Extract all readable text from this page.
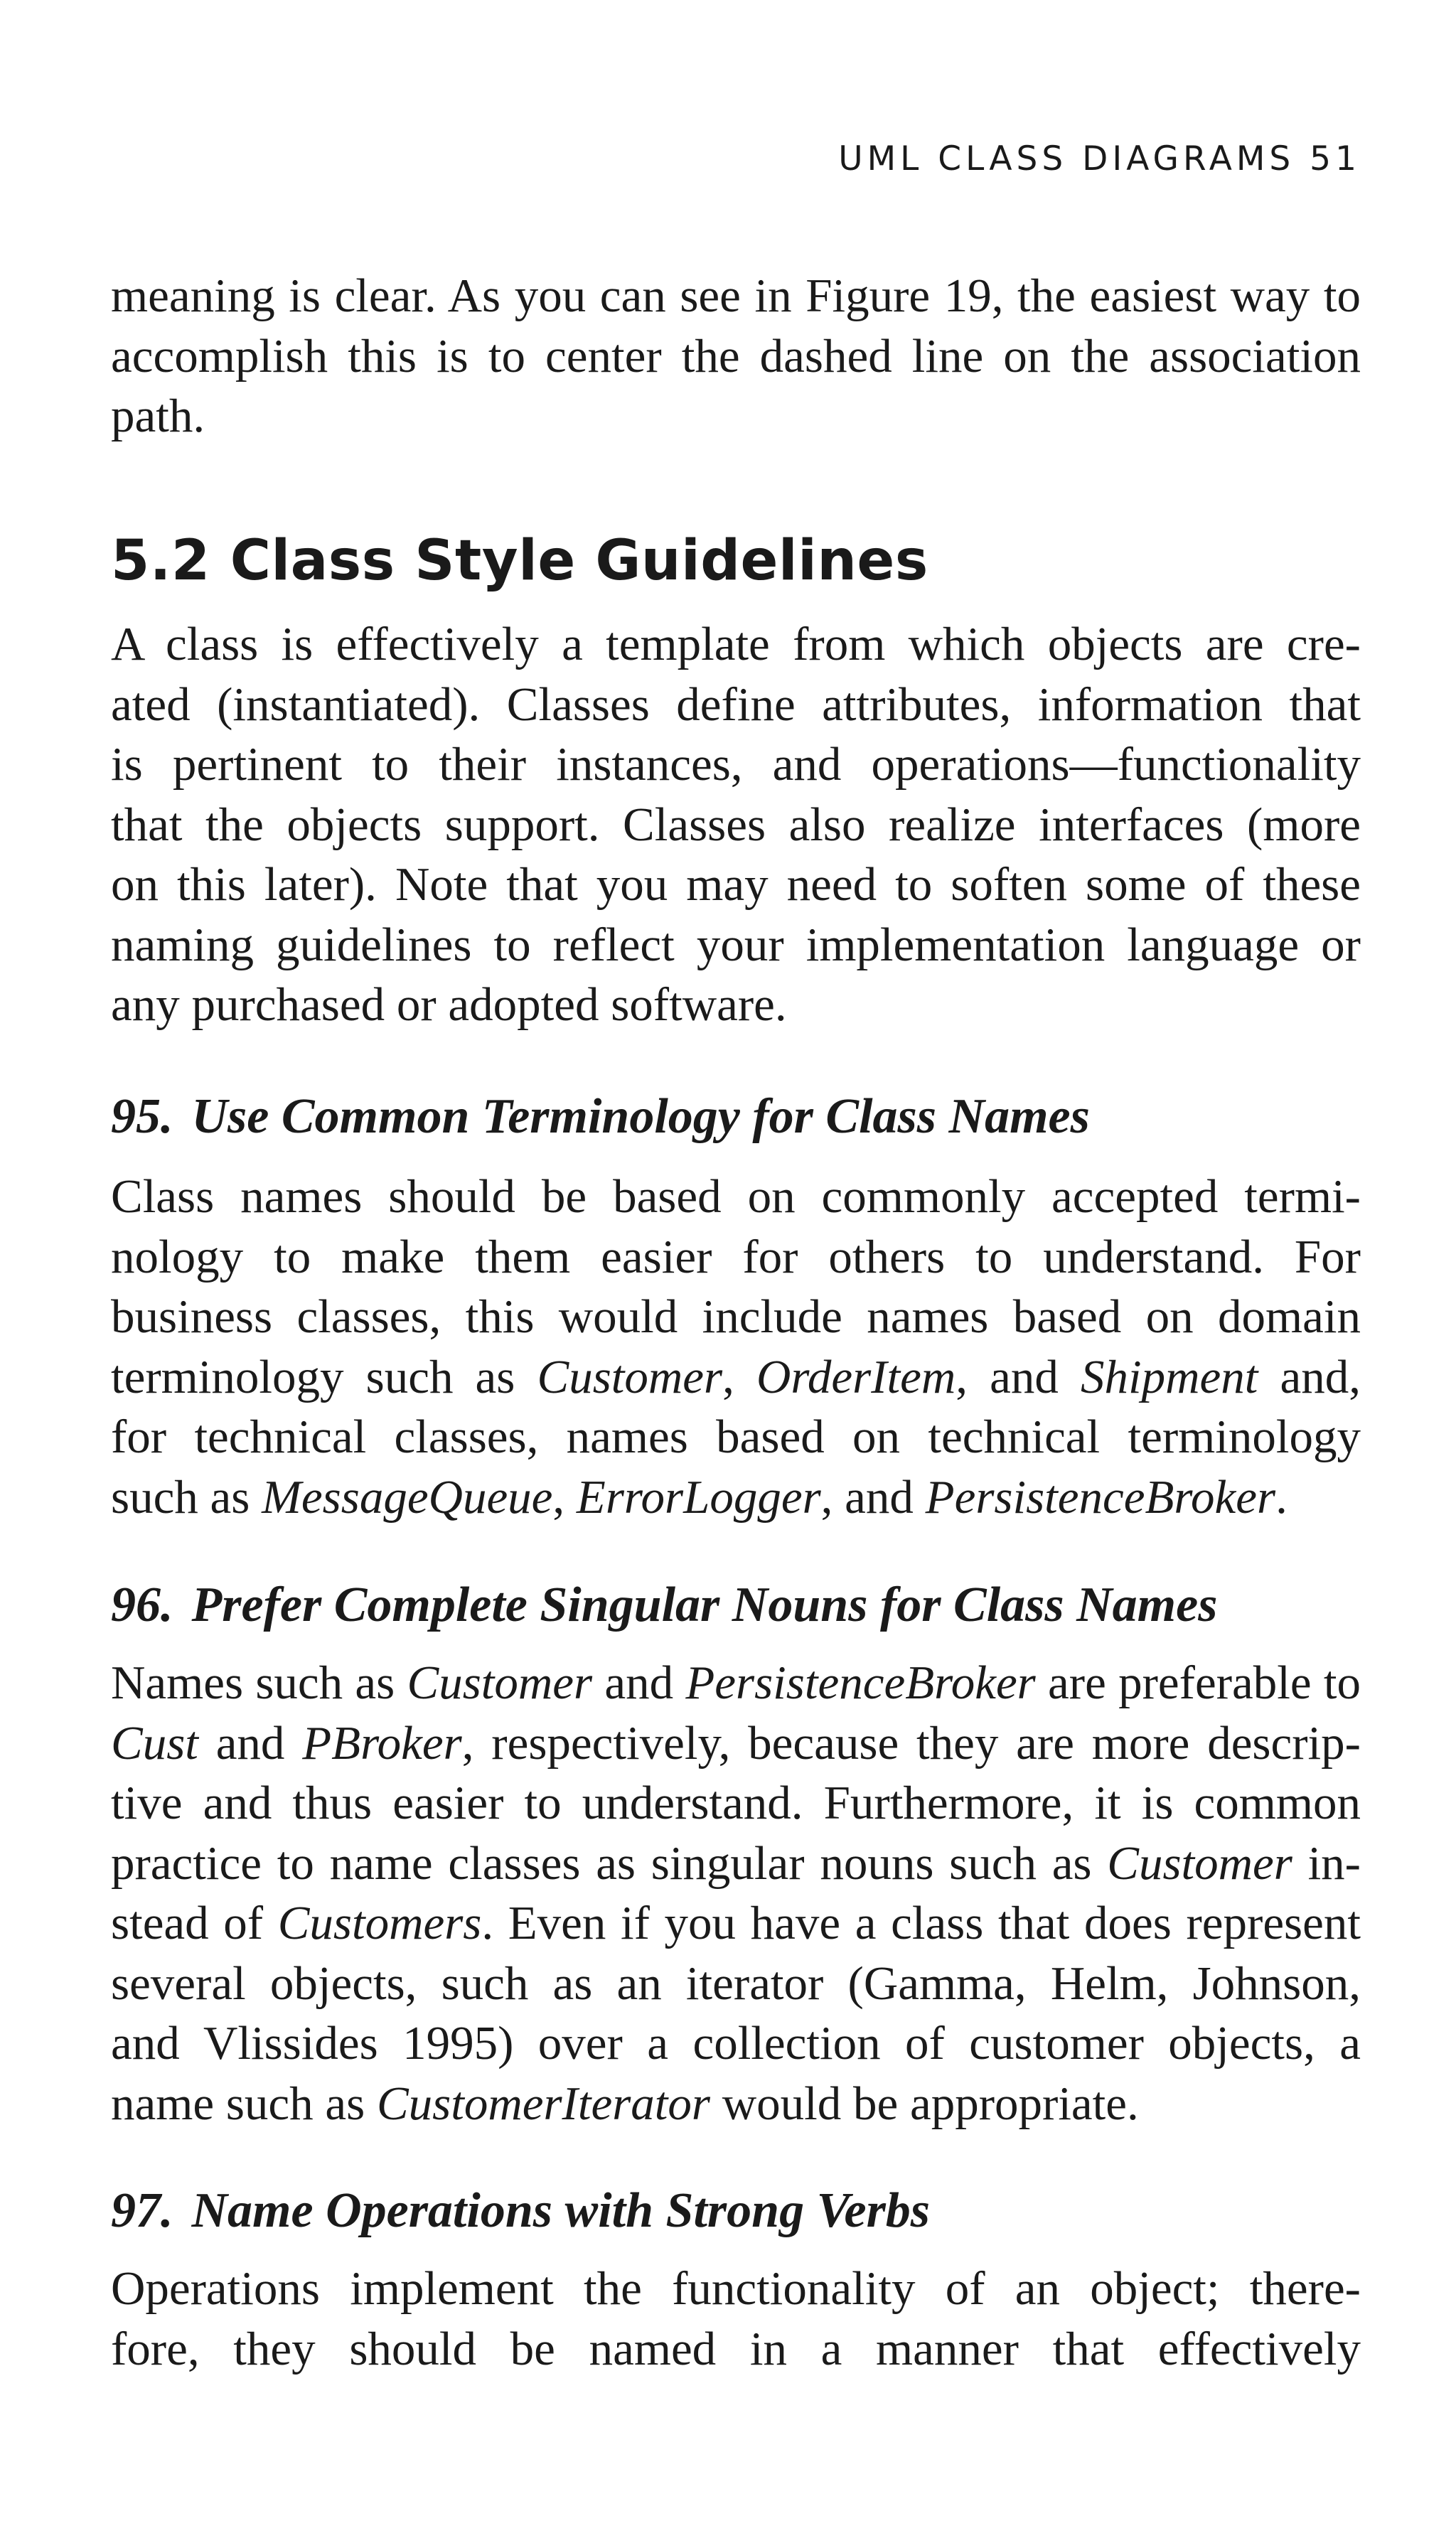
UML CLASS DIAGRAMS 51

meaning is clear. As you can see in Figure 19, the easiest way to
accomplish this is to center the dashed line on the association
path.

5.2 Class Style Guidelines

A class is effectively a template from which objects are cre-
ated (instantiated). Classes define attributes, information that
is pertinent to their instances, and operations—functionality
that the objects support. Classes also realize interfaces (more
on this later). Note that you may need to soften some of these
naming guidelines to reflect your implementation language or
any purchased or adopted software.

95. Use Common Terminology for Class Names

Class names should be based on commonly accepted termi-
nology to make them easier for others to understand. For
business classes, this would include names based on domain
terminology such as Customer, OrderItem, and Shipment and,
for technical classes, names based on technical terminology
such as MessageQueue, ErrorLogger, and PersistenceBroker.

96. Prefer Complete Singular Nouns for Class Names

Names such as Customer and PersistenceBroker are preferable to
Cust and PBroker, respectively, because they are more descrip-
tive and thus easier to understand. Furthermore, it is common
practice to name classes as singular nouns such as Customer in-
stead of Customers. Even if you have a class that does represent
several objects, such as an iterator (Gamma, Helm, Johnson,
and Vlissides 1995) over a collection of customer objects, a
name such as CustomerIterator would be appropriate.

97. Name Operations with Strong Verbs

Operations implement the functionality of an object; there-
fore, they should be named in a manner that effectively
